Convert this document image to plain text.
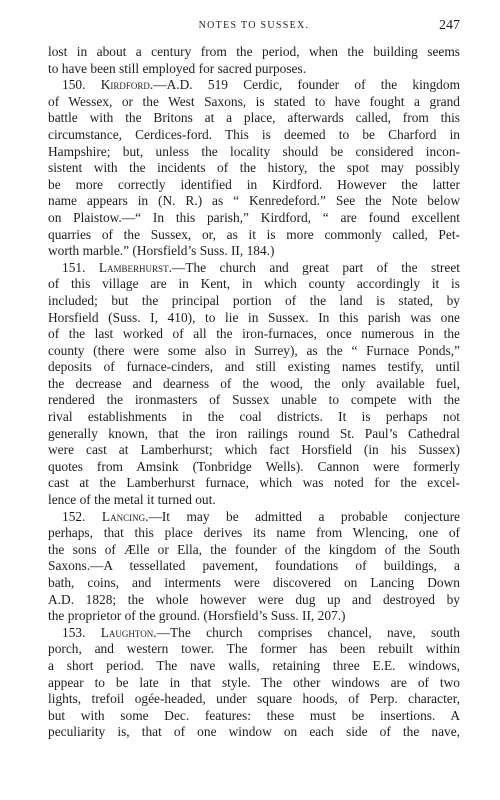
NOTES TO SUSSEX.	247
lost in about a century from the period, when the building seems
to have been still employed for sacred purposes.
150. Kirdford.—A.D. 519 Cerdic, founder of the kingdom
of Wessex, or the West Saxons, is stated to have fought a grand
battle with the Britons at a place, afterwards called, from this
circumstance, Cerdices-ford. This is deemed to be Charford in
Hampshire; but, unless the locality should be considered incon-
sistent with the incidents of the history, the spot may possibly
be more correctly identified in Kirdford. However the latter
name appears in (N. R.) as “ Kenredeford.” See the Note below
on Plaistow.—“ In this parish,” Kirdford, “ are found excellent
quarries of the Sussex, or, as it is more commonly called, Pet-
worth marble.” (Horsfield’s Suss. II, 184.)
151. Lamberhurst.—The church and great part of the street
of this village are in Kent, in which county accordingly it is
included; but the principal portion of the land is stated, by
Horsfield (Suss. I, 410), to lie in Sussex. In this parish was one
of the last worked of all the iron-furnaces, once numerous in the
county (there were some also in Surrey), as the “ Furnace Ponds,”
deposits of furnace-cinders, and still existing names testify, until
the decrease and dearness of the wood, the only available fuel,
rendered the ironmasters of Sussex unable to compete with the
rival establishments in the coal districts. It is perhaps not
generally known, that the iron railings round St. Paul’s Cathedral
were cast at Lamberhurst; which fact Horsfield (in his Sussex)
quotes from Amsink (Tonbridge Wells). Cannon were formerly
cast at the Lamberhurst furnace, which was noted for the excel-
lence of the metal it turned out.
152. Lancing.—It may be admitted a probable conjecture
perhaps, that this place derives its name from Wlencing, one of
the sons of Ælle or Ella, the founder of the kingdom of the South
Saxons.—A tessellated pavement, foundations of buildings, a
bath, coins, and interments were discovered on Lancing Down
A.D. 1828; the whole however were dug up and destroyed by
the proprietor of the ground. (Horsfield’s Suss. II, 207.)
153. Laughton.—The church comprises chancel, nave, south
porch, and western tower. The former has been rebuilt within
a short period. The nave walls, retaining three E.E. windows,
appear to be late in that style. The other windows are of two
lights, trefoil ogée-headed, under square hoods, of Perp. character,
but with some Dec. features: these must be insertions. A
peculiarity is, that of one window on each side of the nave,
